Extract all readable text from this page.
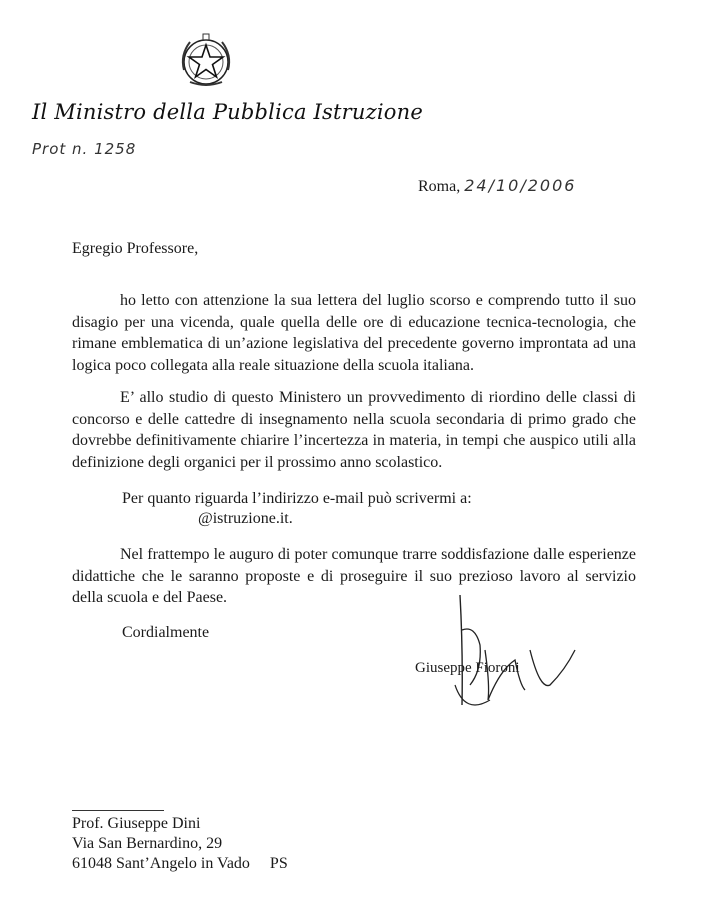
Il Ministro della Pubblica Istruzione
Prot n. 1258
Roma, 24/10/2006
Egregio Professore,
ho letto con attenzione la sua lettera del luglio scorso e comprendo tutto il suo disagio per una vicenda, quale quella delle ore di educazione tecnica-tecnologia, che rimane emblematica di un’azione legislativa del precedente governo improntata ad una logica poco collegata alla reale situazione della scuola italiana.
E’ allo studio di questo Ministero un provvedimento di riordino delle classi di concorso e delle cattedre di insegnamento nella scuola secondaria di primo grado che dovrebbe definitivamente chiarire l’incertezza in materia, in tempi che auspico utili alla definizione degli organici per il prossimo anno scolastico.
Per quanto riguarda l’indirizzo e-mail può scrivermi a:
@istruzione.it.
Nel frattempo le auguro di poter comunque trarre soddisfazione dalle esperienze didattiche che le saranno proposte e di proseguire il suo prezioso lavoro al servizio della scuola e del Paese.
Cordialmente
Giuseppe Fioroni
Prof. Giuseppe Dini
Via San Bernardino, 29
61048 Sant’Angelo in Vado PS
